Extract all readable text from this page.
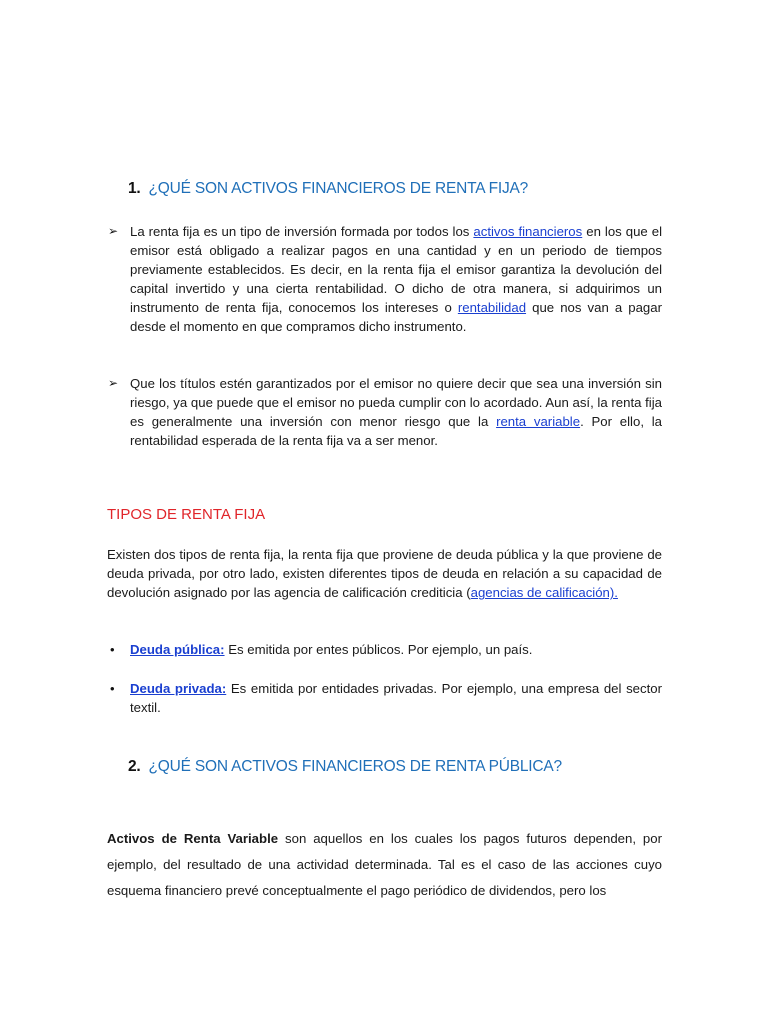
1. ¿QUÉ SON ACTIVOS FINANCIEROS DE RENTA FIJA?
➢ La renta fija es un tipo de inversión formada por todos los activos financieros en los que el emisor está obligado a realizar pagos en una cantidad y en un periodo de tiempos previamente establecidos. Es decir, en la renta fija el emisor garantiza la devolución del capital invertido y una cierta rentabilidad. O dicho de otra manera, si adquirimos un instrumento de renta fija, conocemos los intereses o rentabilidad que nos van a pagar desde el momento en que compramos dicho instrumento.
➢ Que los títulos estén garantizados por el emisor no quiere decir que sea una inversión sin riesgo, ya que puede que el emisor no pueda cumplir con lo acordado. Aun así, la renta fija es generalmente una inversión con menor riesgo que la renta variable. Por ello, la rentabilidad esperada de la renta fija va a ser menor.
TIPOS DE RENTA FIJA
Existen dos tipos de renta fija, la renta fija que proviene de deuda pública y la que proviene de deuda privada, por otro lado, existen diferentes tipos de deuda en relación a su capacidad de devolución asignado por las agencia de calificación crediticia (agencias de calificación).
• Deuda pública: Es emitida por entes públicos. Por ejemplo, un país.
• Deuda privada: Es emitida por entidades privadas. Por ejemplo, una empresa del sector textil.
2. ¿QUÉ SON ACTIVOS FINANCIEROS DE RENTA PÚBLICA?
Activos de Renta Variable son aquellos en los cuales los pagos futuros dependen, por ejemplo, del resultado de una actividad determinada. Tal es el caso de las acciones cuyo esquema financiero prevé conceptualmente el pago periódico de dividendos, pero los
